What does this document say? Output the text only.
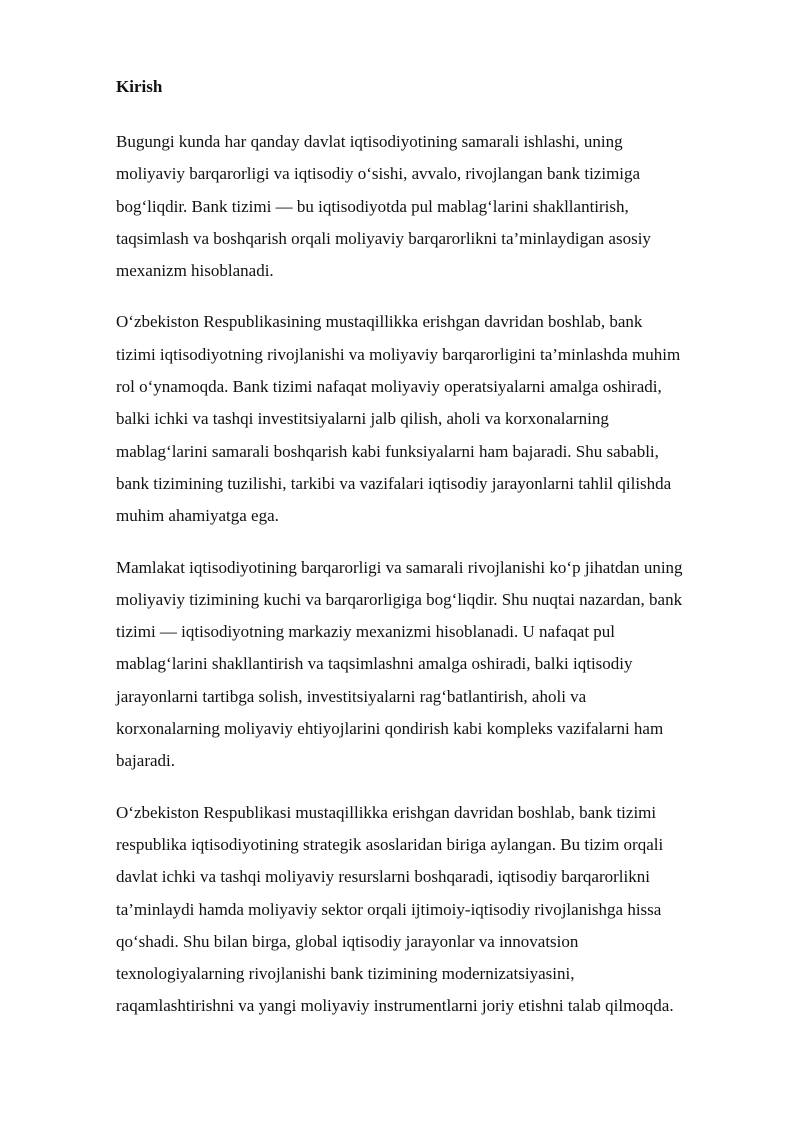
Kirish
Bugungi kunda har qanday davlat iqtisodiyotining samarali ishlashi, uning
moliyaviy barqarorligi va iqtisodiy o‘sishi, avvalo, rivojlangan bank tizimiga
bog‘liqdir. Bank tizimi — bu iqtisodiyotda pul mablag‘larini shakllantirish,
taqsimlash va boshqarish orqali moliyaviy barqarorlikni ta’minlaydigan asosiy
mexanizm hisoblanadi.
O‘zbekiston Respublikasining mustaqillikka erishgan davridan boshlab, bank
tizimi iqtisodiyotning rivojlanishi va moliyaviy barqarorligini ta’minlashda muhim
rol o‘ynamoqda. Bank tizimi nafaqat moliyaviy operatsiyalarni amalga oshiradi,
balki ichki va tashqi investitsiyalarni jalb qilish, aholi va korxonalarning
mablag‘larini samarali boshqarish kabi funksiyalarni ham bajaradi. Shu sababli,
bank tizimining tuzilishi, tarkibi va vazifalari iqtisodiy jarayonlarni tahlil qilishda
muhim ahamiyatga ega.
Mamlakat iqtisodiyotining barqarorligi va samarali rivojlanishi ko‘p jihatdan uning
moliyaviy tizimining kuchi va barqarorligiga bog‘liqdir. Shu nuqtai nazardan, bank
tizimi — iqtisodiyotning markaziy mexanizmi hisoblanadi. U nafaqat pul
mablag‘larini shakllantirish va taqsimlashni amalga oshiradi, balki iqtisodiy
jarayonlarni tartibga solish, investitsiyalarni rag‘batlantirish, aholi va
korxonalarning moliyaviy ehtiyojlarini qondirish kabi kompleks vazifalarni ham
bajaradi.
O‘zbekiston Respublikasi mustaqillikka erishgan davridan boshlab, bank tizimi
respublika iqtisodiyotining strategik asoslaridan biriga aylangan. Bu tizim orqali
davlat ichki va tashqi moliyaviy resurslarni boshqaradi, iqtisodiy barqarorlikni
ta’minlaydi hamda moliyaviy sektor orqali ijtimoiy-iqtisodiy rivojlanishga hissa
qo‘shadi. Shu bilan birga, global iqtisodiy jarayonlar va innovatsion
texnologiyalarning rivojlanishi bank tizimining modernizatsiyasini,
raqamlashtirishni va yangi moliyaviy instrumentlarni joriy etishni talab qilmoqda.
